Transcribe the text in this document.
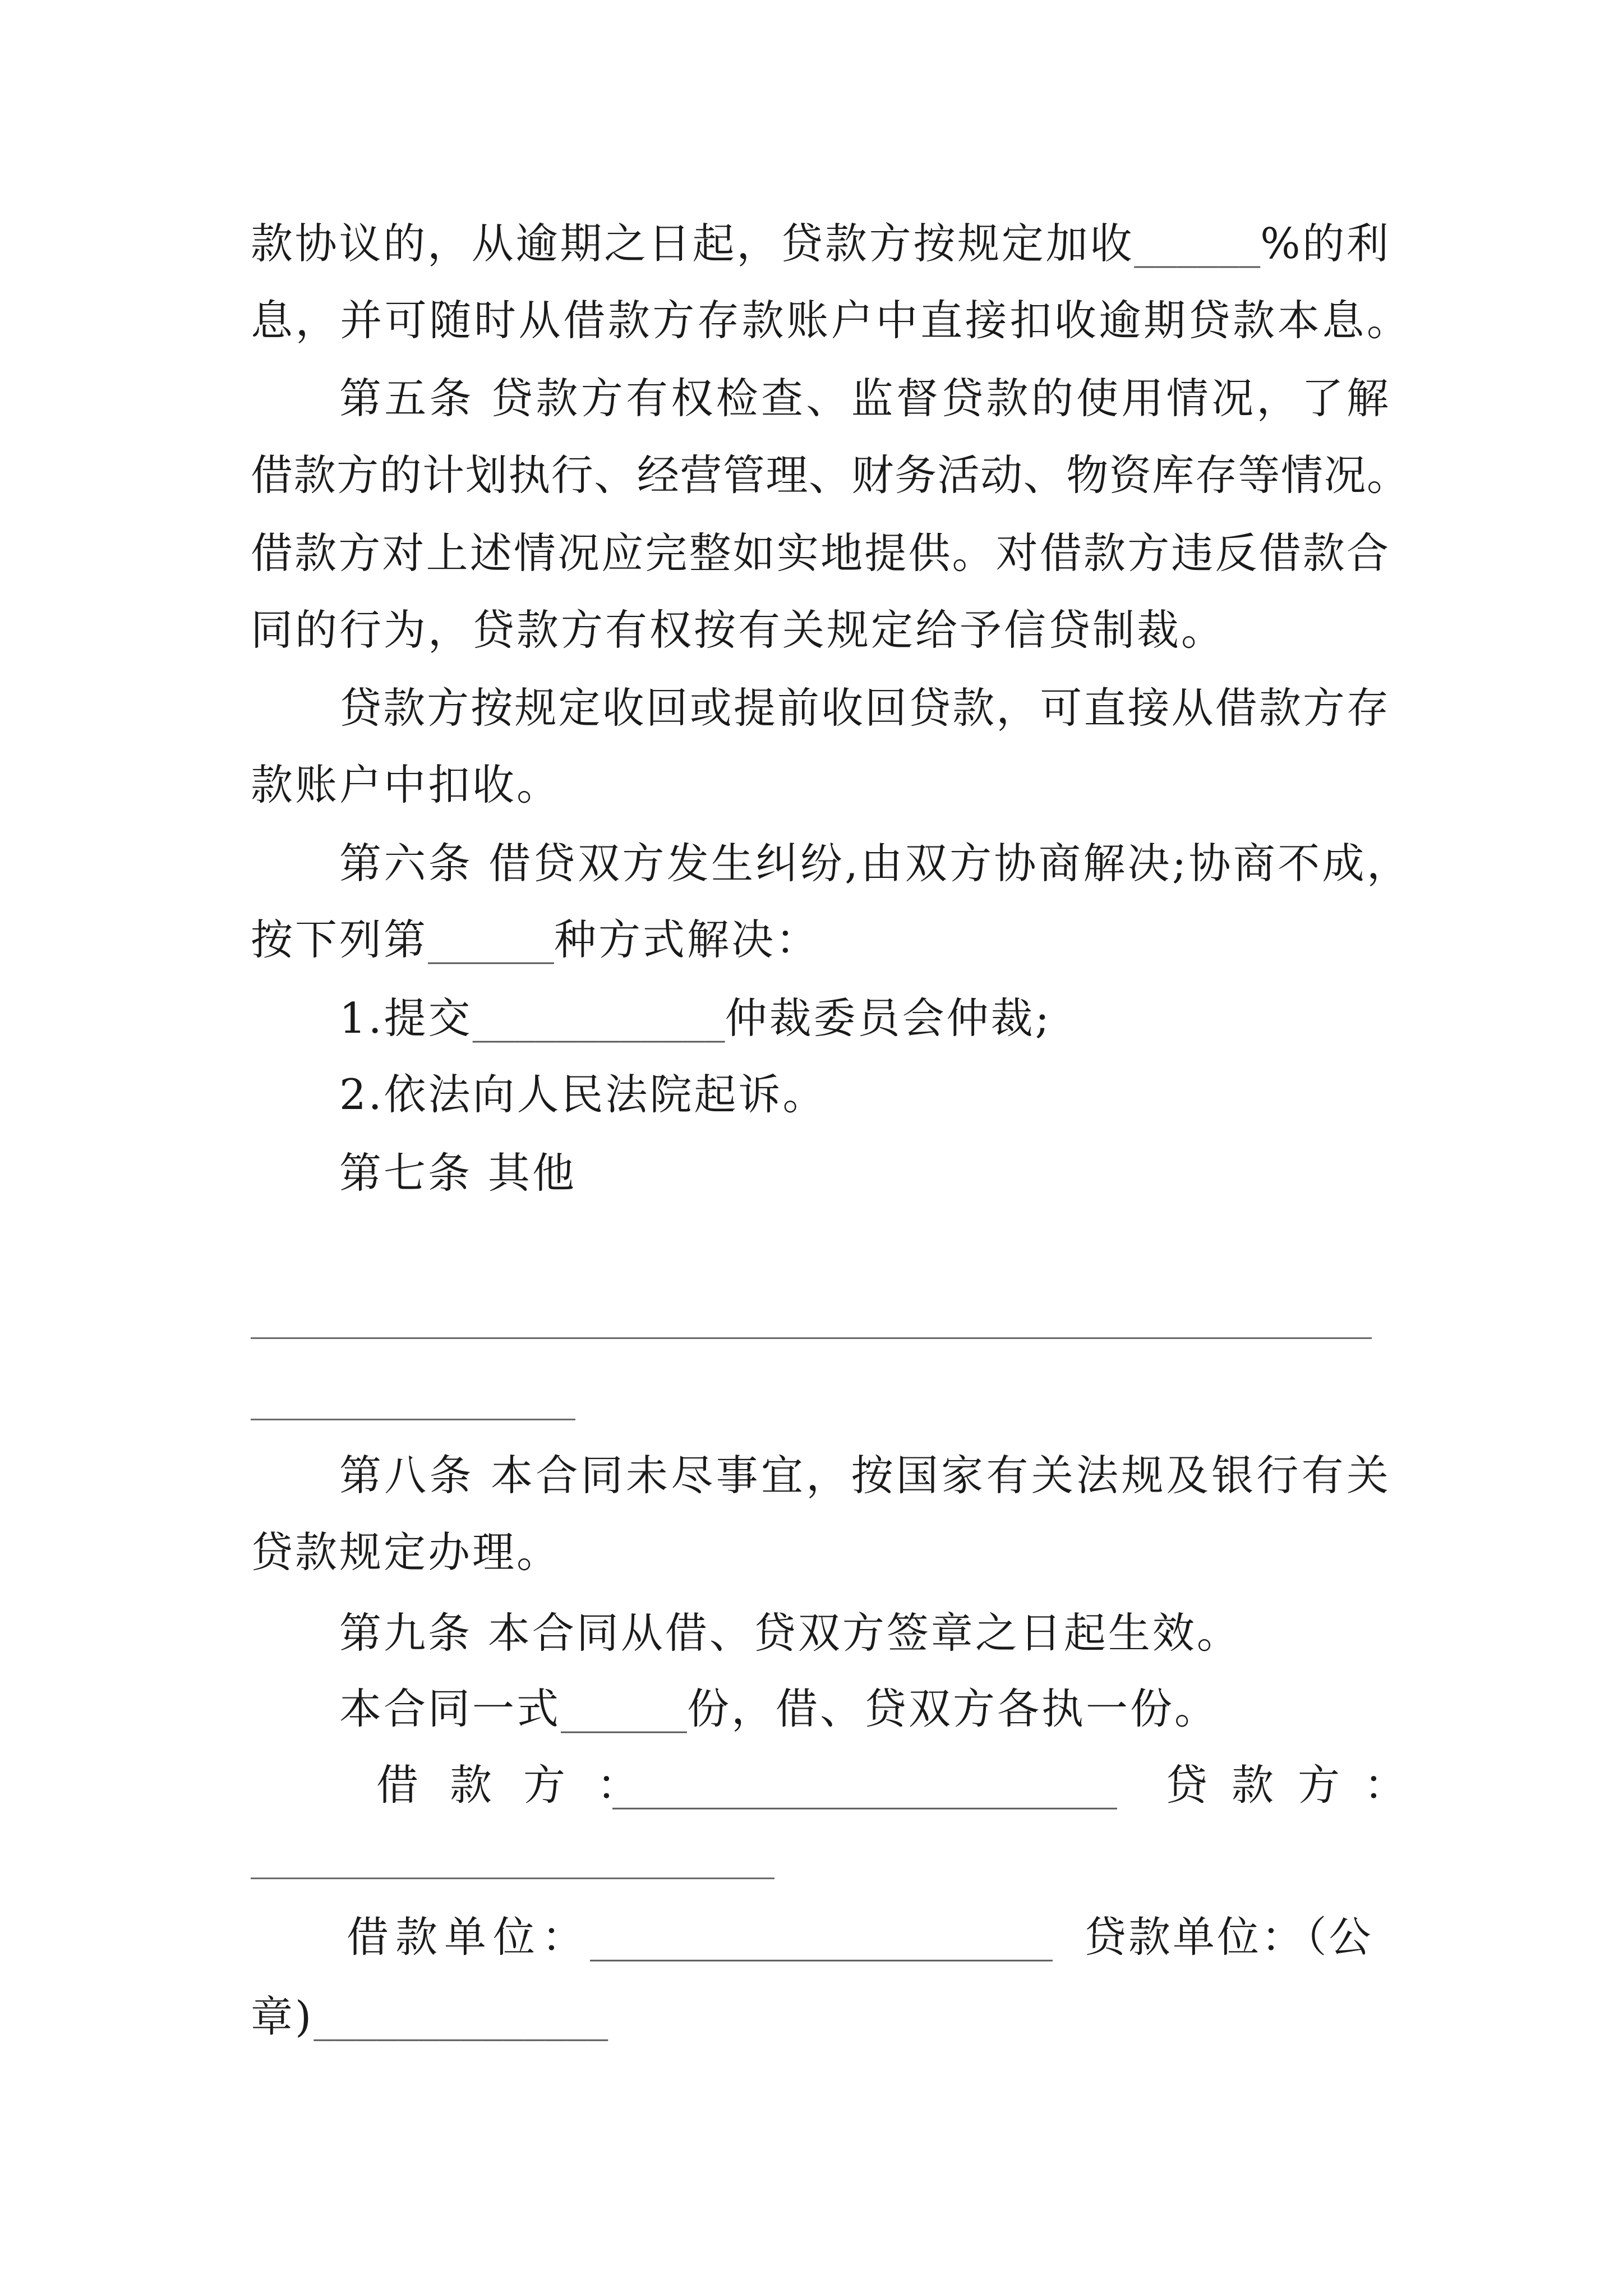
款协议的，从逾期之日起，贷款方按规定加收______%的利
息，并可随时从借款方存款账户中直接扣收逾期贷款本息。
第五条 贷款方有权检查、监督贷款的使用情况，了解
借款方的计划执行、经营管理、财务活动、物资库存等情况。
借款方对上述情况应完整如实地提供。对借款方违反借款合
同的行为，贷款方有权按有关规定给予信贷制裁。
贷款方按规定收回或提前收回贷款，可直接从借款方存
款账户中扣收。
第六条 借贷双方发生纠纷,由双方协商解决;协商不成，
按下列第______种方式解决：
1.提交____________仲裁委员会仲裁;
2.依法向人民法院起诉。
第七条 其他
第八条 本合同未尽事宜，按国家有关法规及银行有关
贷款规定办理。
第九条 本合同从借、贷双方签章之日起生效。
本合同一式______份，借、贷双方各执一份。
借款方：
________________________ 贷款方：
借款单位：
______________________ 贷款单位：（公
章)______________
